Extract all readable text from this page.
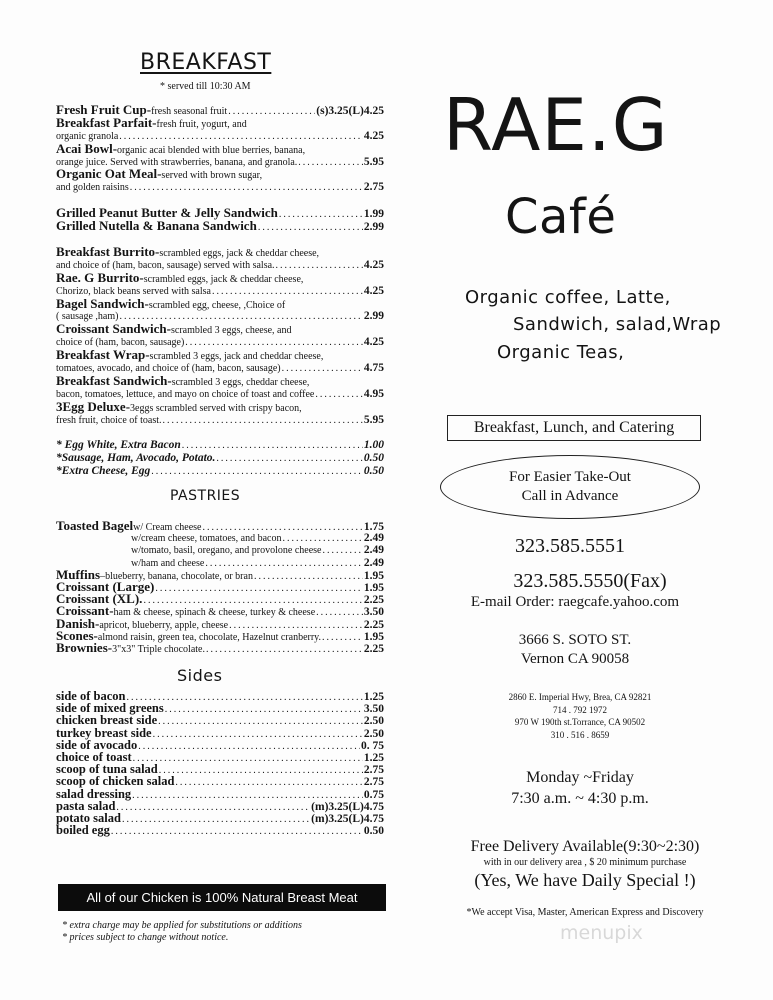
BREAKFAST
* served till 10:30 AM
Fresh Fruit Cup- fresh seasonal fruit .....	(s)3.25(L)4.25
Breakfast Parfait- fresh fruit, yogurt, and
organic granola .....	4.25
Acai Bowl- organic acai blended with blue berries, banana,
orange juice. Served with strawberries, banana, and granola. .....	5.95
Organic Oat Meal- served with brown sugar,
and golden raisins .....	2.75
Grilled Peanut Butter & Jelly Sandwich .....	1.99
Grilled Nutella & Banana Sandwich .....	2.99
Breakfast Burrito- scrambled eggs, jack & cheddar cheese,
and choice of (ham, bacon, sausage) served with salsa. .....	4.25
Rae. G Burrito- scrambled eggs, jack & cheddar cheese,
Chorizo, black beans served with salsa .....	4.25
Bagel Sandwich- scrambled egg, cheese, ,Choice of
( sausage ,ham) .....	2.99
Croissant Sandwich- scrambled 3 eggs, cheese, and
choice of (ham, bacon, sausage) .....	4.25
Breakfast Wrap- scrambled 3 eggs, jack and cheddar cheese,
tomatoes, avocado, and choice of (ham, bacon, sausage) .....	4.75
Breakfast Sandwich- scrambled 3 eggs, cheddar cheese,
bacon, tomatoes, lettuce, and mayo on choice of toast and coffee .....	4.95
3Egg Deluxe- 3eggs scrambled served with crispy bacon,
fresh fruit, choice of toast. .....	5.95
* Egg White, Extra Bacon .....	1.00
*Sausage, Ham, Avocado, Potato. .....	0.50
*Extra Cheese, Egg .....	0.50
PASTRIES
Toasted Bagel w/ Cream cheese .....	1.75
w/cream cheese, tomatoes, and bacon .....	2.49
w/tomato, basil, oregano, and provolone cheese .....	2.49
w/ham and cheese .....	2.49
Muffins –blueberry, banana, chocolate, or bran .....	1.95
Croissant (Large) .....	1.95
Croissant (XL). .....	2.25
Croissant- ham & cheese, spinach & cheese, turkey & cheese .....	3.50
Danish- apricot, blueberry, apple, cheese .....	2.25
Scones- almond raisin, green tea, chocolate, Hazelnut cranberry. .....	1.95
Brownies- 3"x3" Triple chocolate. .....	2.25
Sides
side of bacon .....	1.25
side of mixed greens .....	3.50
chicken breast side .....	2.50
turkey breast side .....	2.50
side of avocado .....	0. 75
choice of toast .....	1.25
scoop of tuna salad .....	2.75
scoop of chicken salad .....	2.75
salad dressing .....	0.75
pasta salad .....	(m)3.25(L)4.75
potato salad .....	(m)3.25(L)4.75
boiled egg .....	0.50
All of our Chicken is 100% Natural Breast Meat
* extra charge may be applied for substitutions or additions
* prices subject to change without notice.
RAE.G
Café
Organic coffee, Latte,
Sandwich, salad,Wrap
Organic Teas,
Breakfast, Lunch, and Catering
For Easier Take-Out
Call in Advance
323.585.5551
323.585.5550(Fax)
E-mail Order: raegcafe.yahoo.com
3666 S. SOTO ST.
Vernon CA 90058
2860 E. Imperial Hwy, Brea, CA 92821
714 . 792 1972
970 W 190th st.Torrance, CA 90502
310 . 516 . 8659
Monday ~Friday
7:30 a.m. ~ 4:30 p.m.
Free Delivery Available(9:30~2:30)
with in our delivery area , $ 20 minimum purchase
(Yes, We have Daily Special !)
*We accept Visa, Master, American Express and Discovery
menupix
